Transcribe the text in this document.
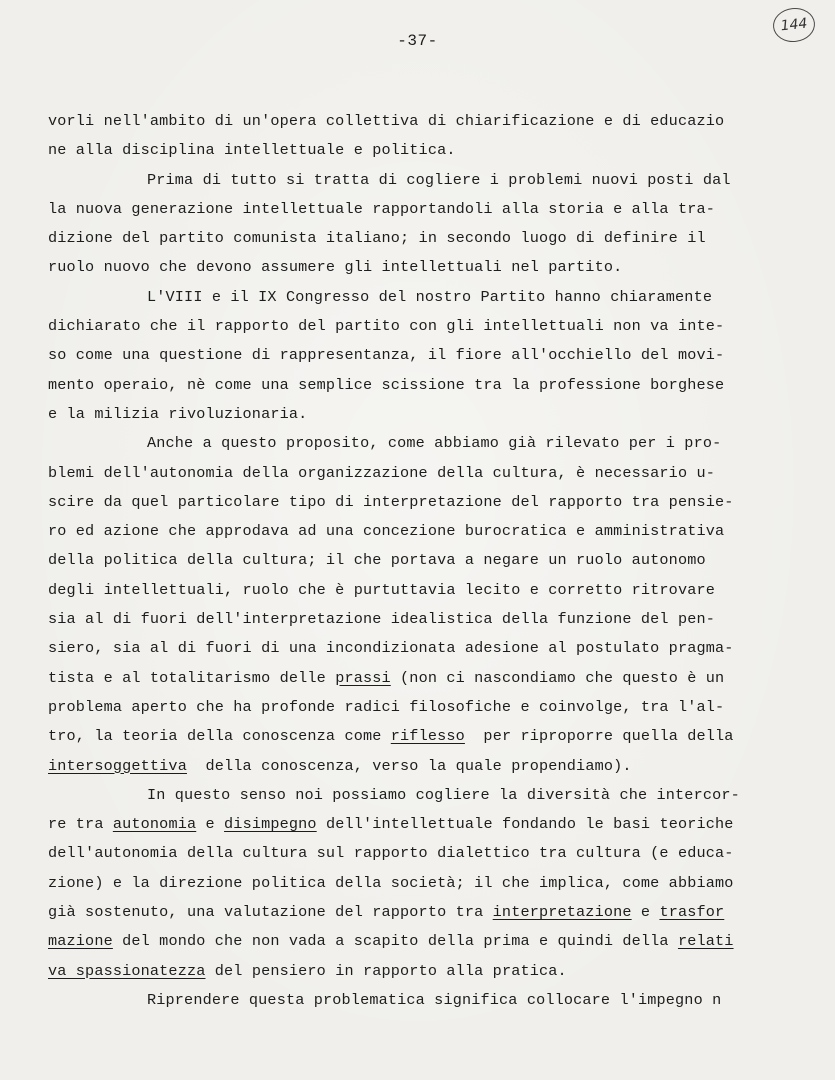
-37-
144
vorli nell'ambito di un'opera collettiva di chiarificazione e di educazio
ne alla disciplina intellettuale e politica.
Prima di tutto si tratta di cogliere i problemi nuovi posti dal
la nuova generazione intellettuale rapportandoli alla storia e alla tra-
dizione del partito comunista italiano; in secondo luogo di definire il
ruolo nuovo che devono assumere gli intellettuali nel partito.
L'VIII e il IX Congresso del nostro Partito hanno chiaramente
dichiarato che il rapporto del partito con gli intellettuali non va inte-
so come una questione di rappresentanza, il fiore all'occhiello del movi-
mento operaio, nè come una semplice scissione tra la professione borghese
e la milizia rivoluzionaria.
Anche a questo proposito, come abbiamo già rilevato per i pro-
blemi dell'autonomia della organizzazione della cultura, è necessario u-
scire da quel particolare tipo di interpretazione del rapporto tra pensie-
ro ed azione che approdava ad una concezione burocratica e amministrativa
della politica della cultura; il che portava a negare un ruolo autonomo
degli intellettuali, ruolo che è purtuttavia lecito e corretto ritrovare
sia al di fuori dell'interpretazione idealistica della funzione del pen-
siero, sia al di fuori di una incondizionata adesione al postulato pragma-
tista e al totalitarismo delle prassi (non ci nascondiamo che questo è un
problema aperto che ha profonde radici filosofiche e coinvolge, tra l'al-
tro, la teoria della conoscenza come riflesso  per riproporre quella della
intersoggettiva  della conoscenza, verso la quale propendiamo).
In questo senso noi possiamo cogliere la diversità che intercor-
re tra autonomia e disimpegno dell'intellettuale fondando le basi teoriche
dell'autonomia della cultura sul rapporto dialettico tra cultura (e educa-
zione) e la direzione politica della società; il che implica, come abbiamo
già sostenuto, una valutazione del rapporto tra interpretazione e trasfor
mazione del mondo che non vada a scapito della prima e quindi della relati
va spassionatezza del pensiero in rapporto alla pratica.
Riprendere questa problematica significa collocare l'impegno n
